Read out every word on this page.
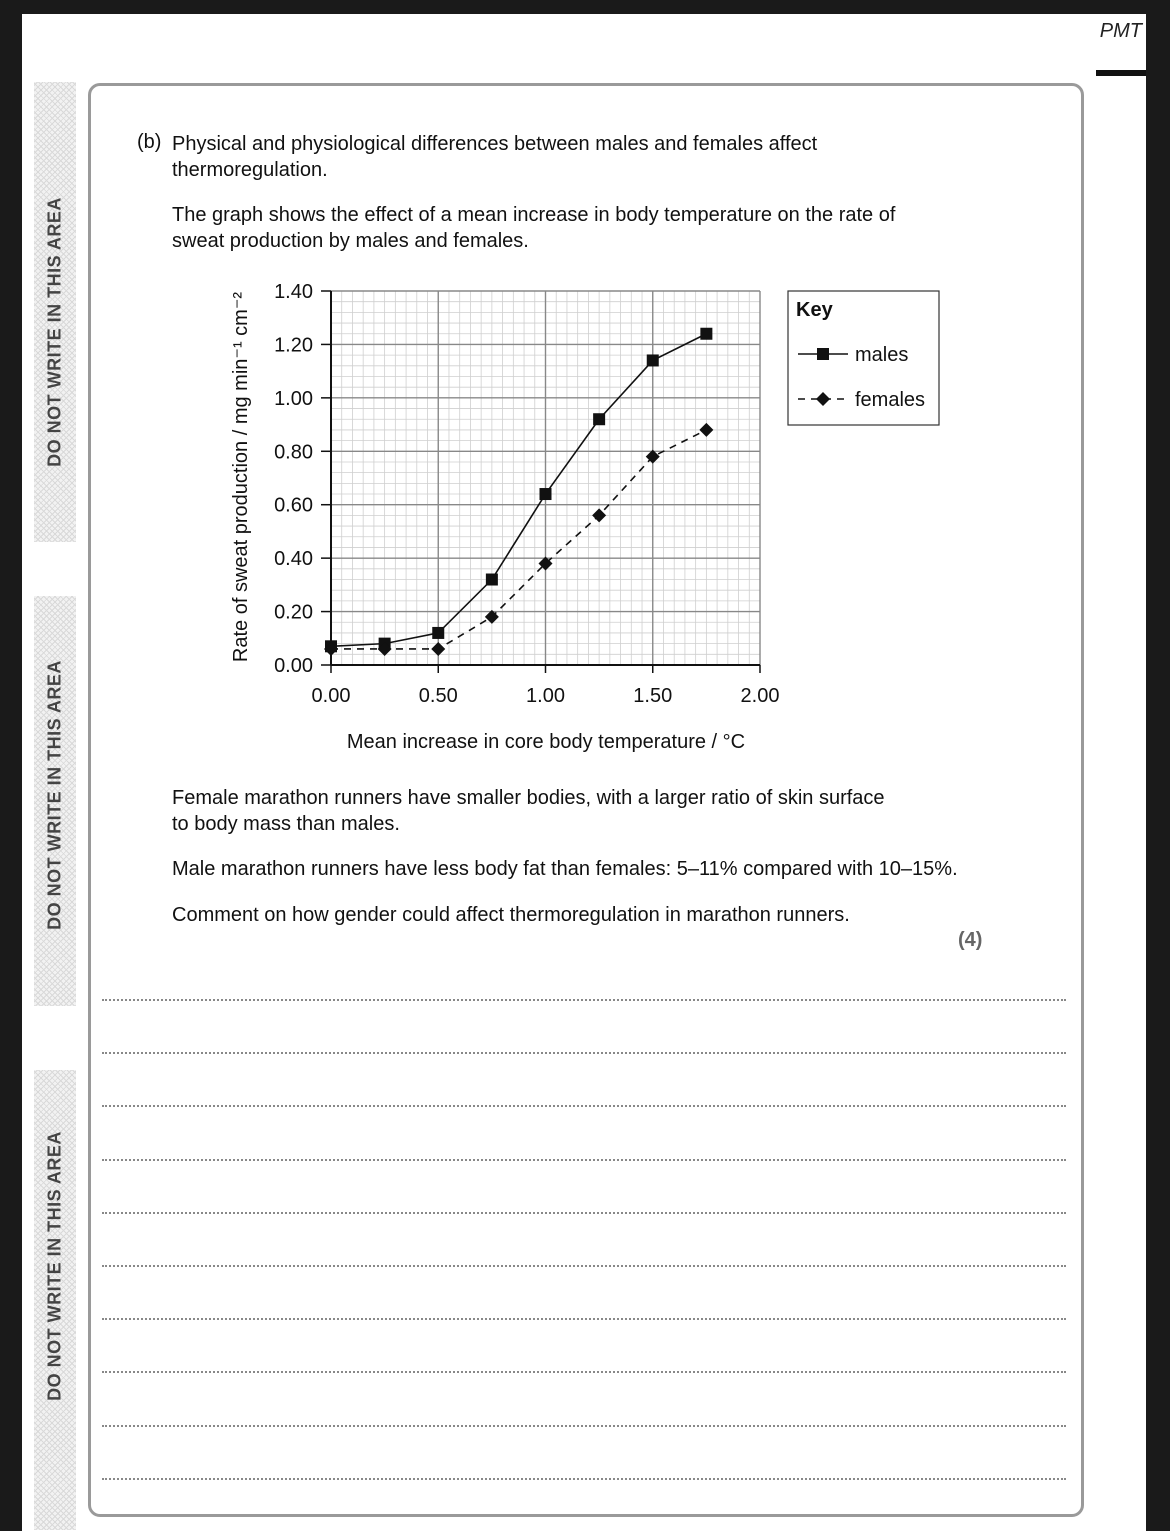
PMT
DO NOT WRITE IN THIS AREA
DO NOT WRITE IN THIS AREA
DO NOT WRITE IN THIS AREA
(b) Physical and physiological differences between males and females affect
thermoregulation.
The graph shows the effect of a mean increase in body temperature on the rate of
sweat production by males and females.
0.00	0.50	1.00	1.50	2.00
0.00
0.20
0.40
0.60
0.80
1.00
1.20
1.40
Mean increase in core body temperature / °C
Rate of sweat production / mg min⁻¹ cm⁻²	Key
males
females
Female marathon runners have smaller bodies, with a larger ratio of skin surface
to body mass than males.
Male marathon runners have less body fat than females: 5–11% compared with 10–15%.
Comment on how gender could affect thermoregulation in marathon runners.
(4)
